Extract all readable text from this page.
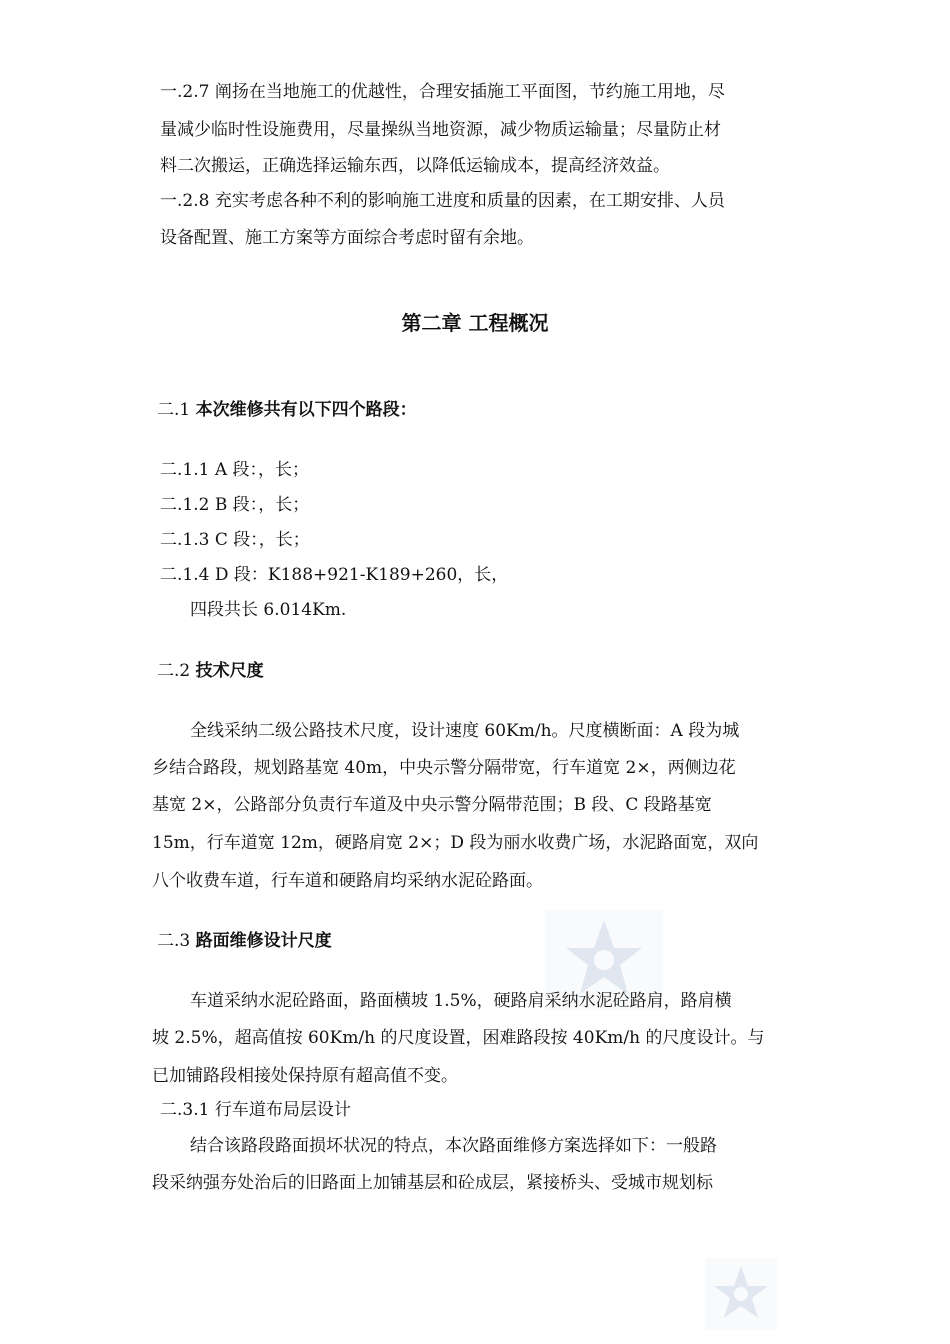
一.2.7 阐扬在当地施工的优越性，合理安插施工平面图，节约施工用地，尽
量减少临时性设施费用，尽量操纵当地资源，减少物质运输量；尽量防止材
料二次搬运，正确选择运输东西，以降低运输成本，提高经济效益。
一.2.8 充实考虑各种不利的影响施工进度和质量的因素，在工期安排、人员
设备配置、施工方案等方面综合考虑时留有余地。
第二章 工程概况
二.1 本次维修共有以下四个路段：
二.1.1 A 段：，长；
二.1.2 B 段：，长；
二.1.3 C 段：，长；
二.1.4 D 段：K188+921-K189+260，长，
四段共长 6.014Km.
二.2 技术尺度
全线采纳二级公路技术尺度，设计速度 60Km/h。尺度横断面：A 段为城
乡结合路段，规划路基宽 40m，中央示警分隔带宽，行车道宽 2×，两侧边花
基宽 2×，公路部分负责行车道及中央示警分隔带范围；B 段、C 段路基宽
15m，行车道宽 12m，硬路肩宽 2×；D 段为丽水收费广场，水泥路面宽，双向
八个收费车道，行车道和硬路肩均采纳水泥砼路面。
二.3 路面维修设计尺度
车道采纳水泥砼路面，路面横坡 1.5%，硬路肩采纳水泥砼路肩，路肩横
坡 2.5%，超高值按 60Km/h 的尺度设置，困难路段按 40Km/h 的尺度设计。与
已加铺路段相接处保持原有超高值不变。
二.3.1 行车道布局层设计
结合该路段路面损坏状况的特点，本次路面维修方案选择如下：一般路
段采纳强夯处治后的旧路面上加铺基层和砼成层，紧接桥头、受城市规划标
